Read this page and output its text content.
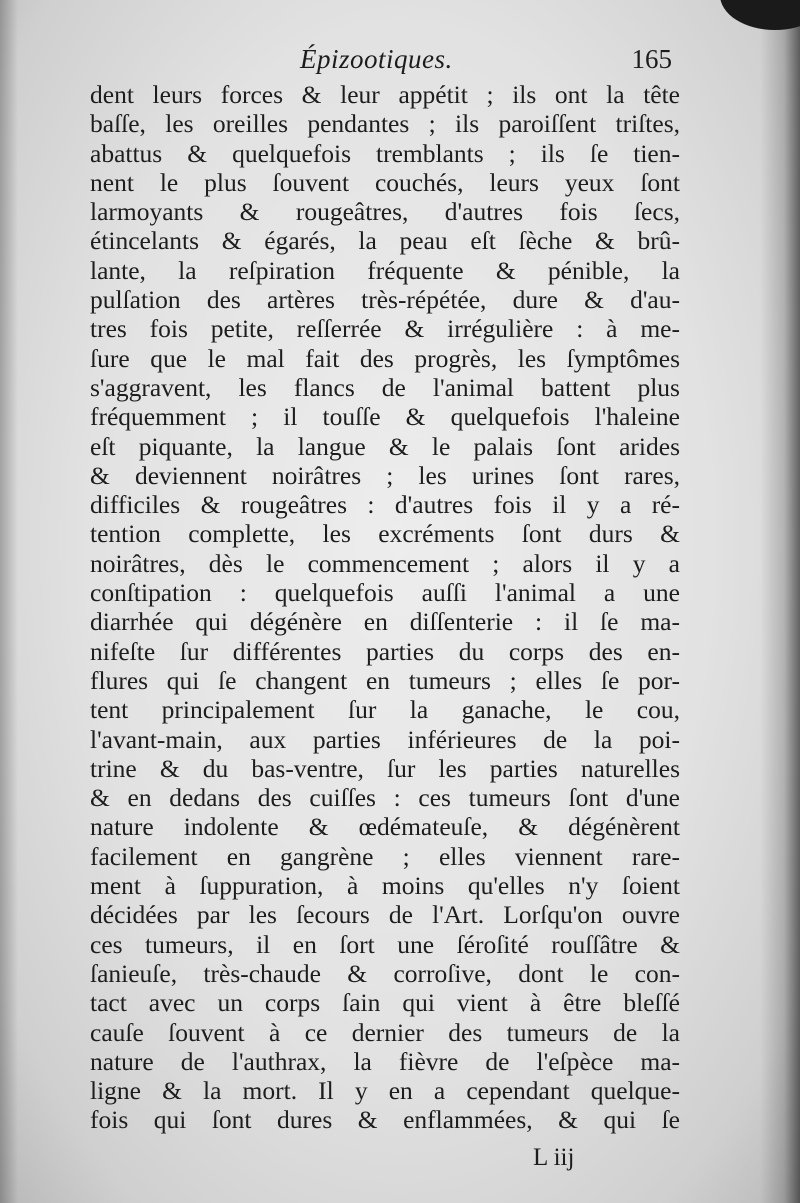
Épizootiques.	165
dent leurs forces & leur appétit ; ils ont la tête
baſſe, les oreilles pendantes ; ils paroiſſent triſtes,
abattus & quelquefois tremblants ; ils ſe tien-
nent le plus ſouvent couchés, leurs yeux ſont
larmoyants & rougeâtres, d'autres fois ſecs,
étincelants & égarés, la peau eſt ſèche & brû-
lante, la reſpiration fréquente & pénible, la
pulſation des artères très-répétée, dure & d'au-
tres fois petite, reſſerrée & irrégulière : à me-
ſure que le mal fait des progrès, les ſymptômes
s'aggravent, les flancs de l'animal battent plus
fréquemment ; il touſſe & quelquefois l'haleine
eſt piquante, la langue & le palais ſont arides
& deviennent noirâtres ; les urines ſont rares,
difficiles & rougeâtres : d'autres fois il y a ré-
tention complette, les excréments ſont durs &
noirâtres, dès le commencement ; alors il y a
conſtipation : quelquefois auſſi l'animal a une
diarrhée qui dégénère en diſſenterie : il ſe ma-
nifeſte ſur différentes parties du corps des en-
flures qui ſe changent en tumeurs ; elles ſe por-
tent principalement ſur la ganache, le cou,
l'avant-main, aux parties inférieures de la poi-
trine & du bas-ventre, ſur les parties naturelles
& en dedans des cuiſſes : ces tumeurs ſont d'une
nature indolente & œdémateuſe, & dégénèrent
facilement en gangrène ; elles viennent rare-
ment à ſuppuration, à moins qu'elles n'y ſoient
décidées par les ſecours de l'Art. Lorſqu'on ouvre
ces tumeurs, il en ſort une ſéroſité rouſſâtre &
ſanieuſe, très-chaude & corroſive, dont le con-
tact avec un corps ſain qui vient à être bleſſé
cauſe ſouvent à ce dernier des tumeurs de la
nature de l'authrax, la fièvre de l'eſpèce ma-
ligne & la mort. Il y en a cependant quelque-
fois qui ſont dures & enflammées, & qui ſe
L iij
